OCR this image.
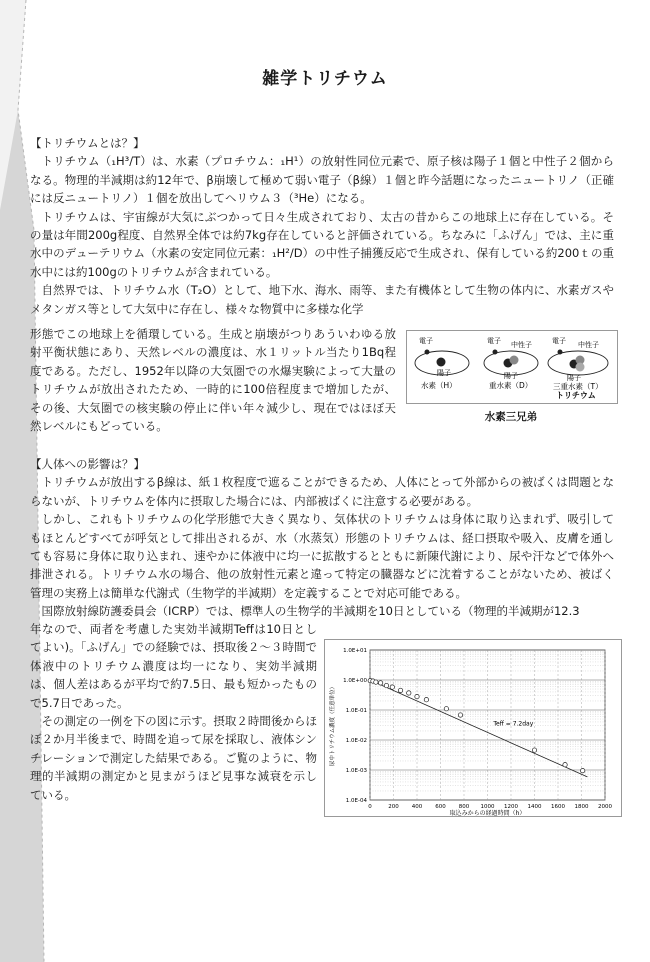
雑学トリチウム
【トリチウムとは？】

トリチウム（₁H³/T）は、水素（プロチウム：₁H¹）の放射性同位元素で、原子核は陽子１個と中性子２個からなる。物理的半減期は約12年で、β崩壊して極めて弱い電子（β線）１個と昨今話題になったニュートリノ（正確には反ニュートリノ）１個を放出してヘリウム３（³He）になる。

トリチウムは、宇宙線が大気にぶつかって日々生成されており、太古の昔からこの地球上に存在している。その量は年間200g程度、自然界全体では約7kg存在していると評価されている。ちなみに「ふげん」では、主に重水中のデューテリウム（水素の安定同位元素：₁H²/D）の中性子捕獲反応で生成され、保有している約200ｔの重水中には約100gのトリチウムが含まれている。

自然界では、トリチウム水（T₂O）として、地下水、海水、雨等、また有機体として生物の体内に、水素ガスやメタンガス等として大気中に存在し、様々な物質中に多様な化学

形態でこの地球上を循環している。生成と崩壊がつりあういわゆる放射平衡状態にあり、天然レベルの濃度は、水１リットル当たり1Bq程度である。ただし、1952年以降の大気圏での水爆実験によって大量のトリチウムが放出されたため、一時的に100倍程度まで増加したが、その後、大気圏での核実験の停止に伴い年々減少し、現在ではほぼ天然レベルにもどっている。

電子
陽子
水素（H）
電子 中性子
陽子
重水素（D）
電子 中性子
陽子
三重水素（T）
トリチウム
水素三兄弟
【人体への影響は？】

トリチウムが放出するβ線は、紙１枚程度で遮ることができるため、人体にとって外部からの被ばくは問題とならないが、トリチウムを体内に摂取した場合には、内部被ばくに注意する必要がある。

しかし、これもトリチウムの化学形態で大きく異なり、気体状のトリチウムは身体に取り込まれず、吸引してもほとんどすべてが呼気として排出されるが、水（水蒸気）形態のトリチウムは、経口摂取や吸入、皮膚を通しても容易に身体に取り込まれ、速やかに体液中に均一に拡散するとともに新陳代謝により、尿や汗などで体外へ排泄される。トリチウム水の場合、他の放射性元素と違って特定の臓器などに沈着することがないため、被ばく管理の実務上は簡単な代謝式（生物学的半減期）を定義することで対応可能である。

国際放射線防護委員会（ICRP）では、標準人の生物学的半減期を10日としている（物理的半減期が12.3

年なので、両者を考慮した実効半減期Teffは10日としてよい)。「ふげん」での経験では、摂取後２～３時間で体液中のトリチウム濃度は均一になり、実効半減期は、個人差はあるが平均で約7.5日、最も短かったもので5.7日であった。

その測定の一例を下の図に示す。摂取２時間後からほぼ２か月半後まで、時間を追って尿を採取し、液体シンチレーションで測定した結果である。ご覧のように、物理的半減期の測定かと見まがうほど見事な減衰を示している。

1.0E+01
1.0E+00
1.0E-01
1.0E-02
1.0E-03
1.0E-04
0	200 400 600 800 1000 1200 1400 1600 1800 2000
Teff = 7.2day
取込みからの経過時間（h）
尿中トリチウム濃度（任意単位）
